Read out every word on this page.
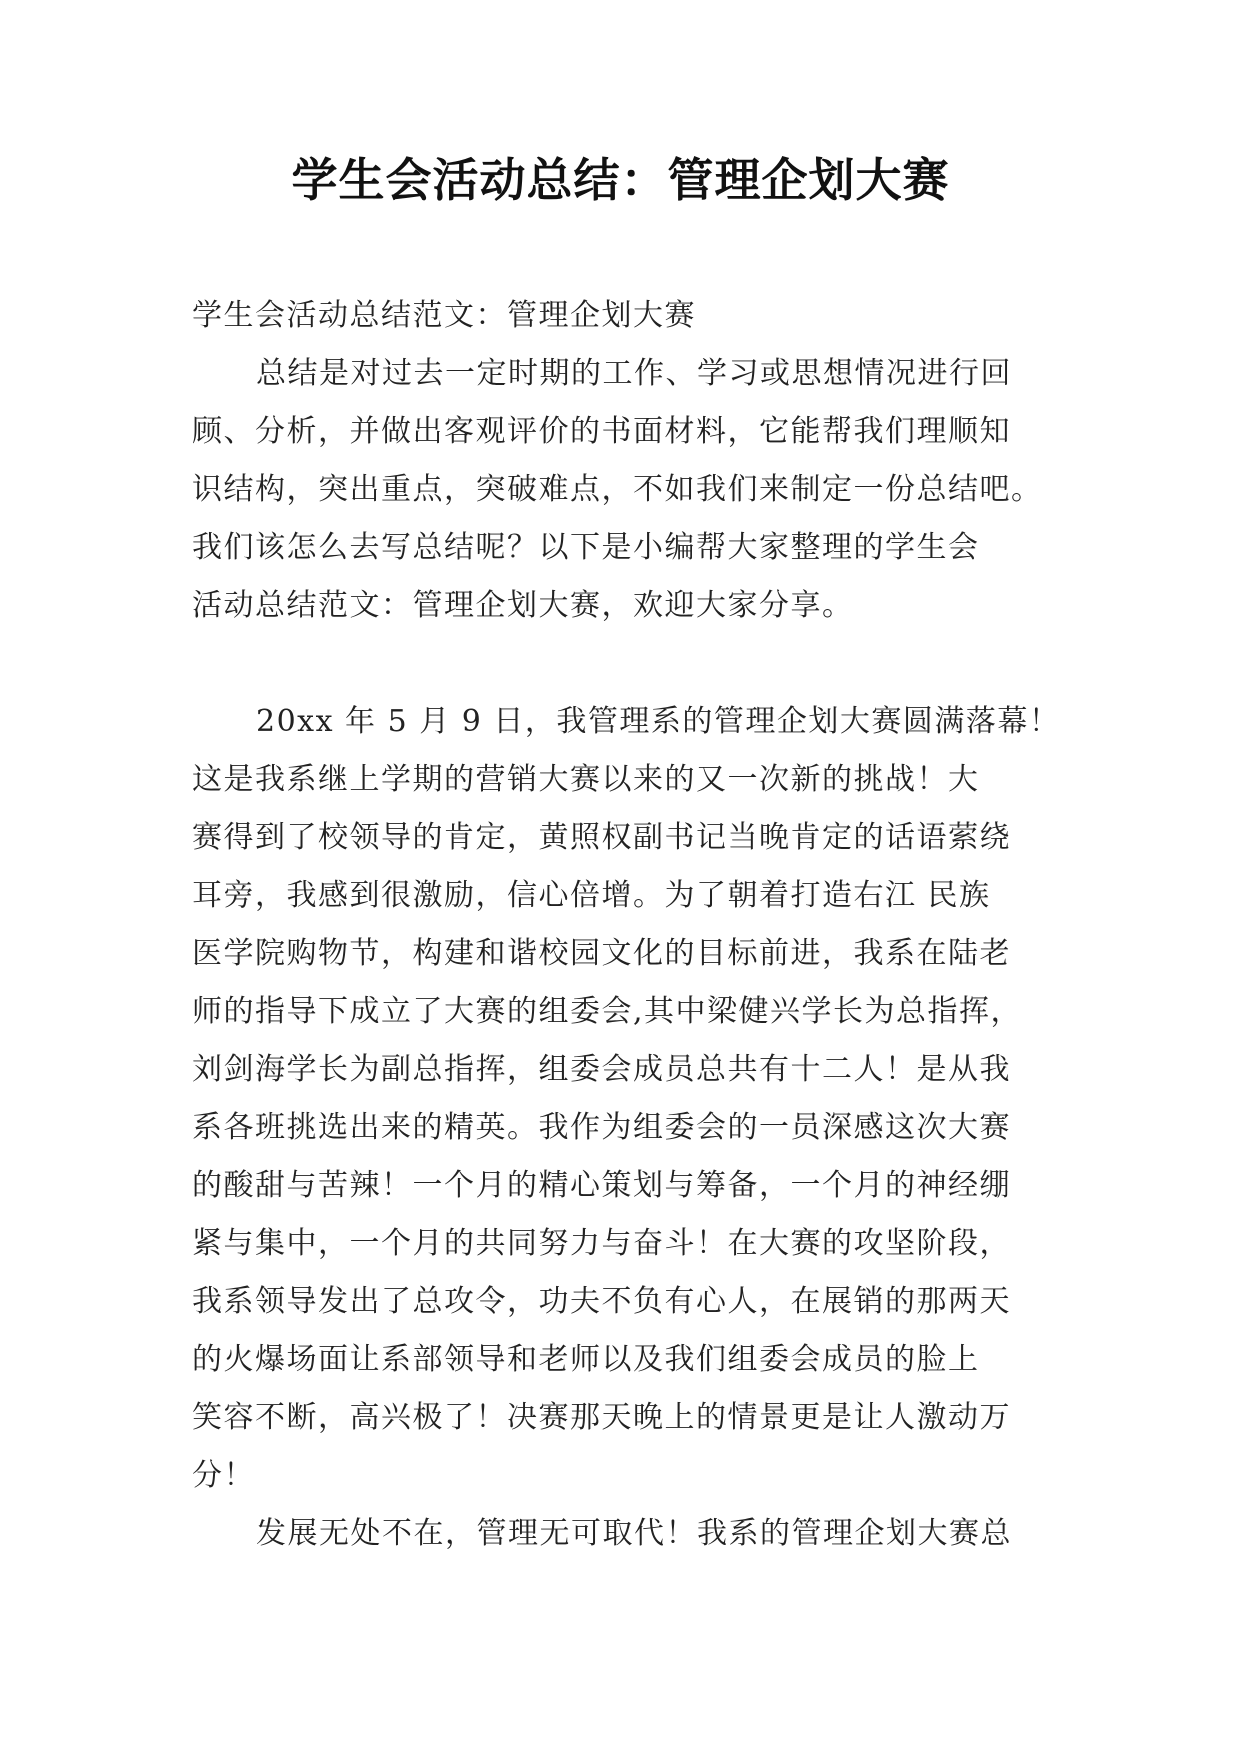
学生会活动总结：管理企划大赛
学生会活动总结范文：管理企划大赛
总结是对过去一定时期的工作、学习或思想情况进行回
顾、分析，并做出客观评价的书面材料，它能帮我们理顺知
识结构，突出重点，突破难点，不如我们来制定一份总结吧。
我们该怎么去写总结呢？以下是小编帮大家整理的学生会
活动总结范文：管理企划大赛，欢迎大家分享。
20xx 年 5 月 9 日，我管理系的管理企划大赛圆满落幕！
这是我系继上学期的营销大赛以来的又一次新的挑战！大
赛得到了校领导的肯定，黄照权副书记当晚肯定的话语萦绕
耳旁，我感到很激励，信心倍增。为了朝着打造右江 民族
医学院购物节，构建和谐校园文化的目标前进，我系在陆老
师的指导下成立了大赛的组委会,其中梁健兴学长为总指挥，
刘剑海学长为副总指挥，组委会成员总共有十二人！是从我
系各班挑选出来的精英。我作为组委会的一员深感这次大赛
的酸甜与苦辣！一个月的精心策划与筹备，一个月的神经绷
紧与集中，一个月的共同努力与奋斗！在大赛的攻坚阶段，
我系领导发出了总攻令，功夫不负有心人，在展销的那两天
的火爆场面让系部领导和老师以及我们组委会成员的脸上
笑容不断，高兴极了！决赛那天晚上的情景更是让人激动万
分！
发展无处不在，管理无可取代！我系的管理企划大赛总
